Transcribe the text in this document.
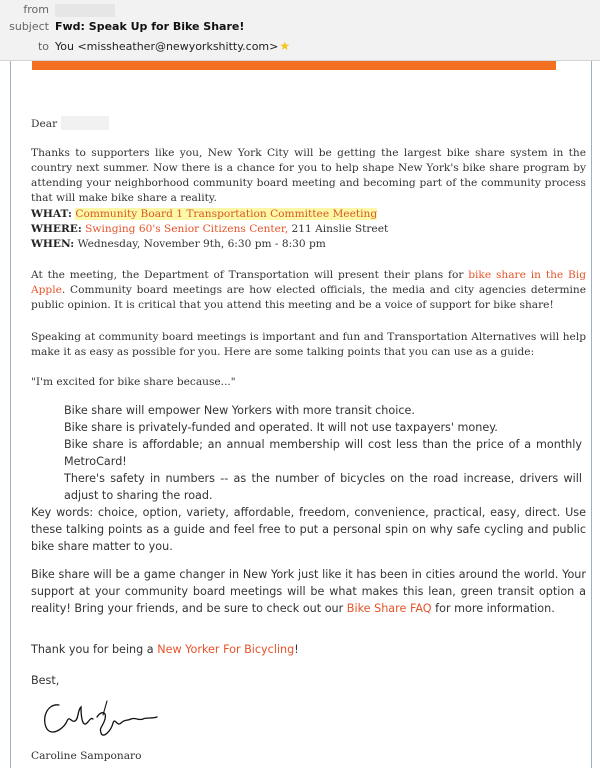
from
subject Fwd: Speak Up for Bike Share!
to You <missheather@newyorkshitty.com>★
Dear

Thanks to supporters like you, New York City will be getting the largest bike share system in the country next summer. Now there is a chance for you to help shape New York's bike share program by attending your neighborhood community board meeting and becoming part of the community process that will make bike share a reality.

WHAT: Community Board 1 Transportation Committee Meeting
WHERE: Swinging 60's Senior Citizens Center, 211 Ainslie Street
WHEN: Wednesday, November 9th, 6:30 pm - 8:30 pm

At the meeting, the Department of Transportation will present their plans for bike share in the Big Apple. Community board meetings are how elected officials, the media and city agencies determine public opinion. It is critical that you attend this meeting and be a voice of support for bike share!

Speaking at community board meetings is important and fun and Transportation Alternatives will help make it as easy as possible for you. Here are some talking points that you can use as a guide:

"I'm excited for bike share because..."

Bike share will empower New Yorkers with more transit choice.
Bike share is privately-funded and operated. It will not use taxpayers' money.
Bike share is affordable; an annual membership will cost less than the price of a monthly MetroCard!
There's safety in numbers -- as the number of bicycles on the road increase, drivers will adjust to sharing the road.

Key words: choice, option, variety, affordable, freedom, convenience, practical, easy, direct. Use these talking points as a guide and feel free to put a personal spin on why safe cycling and public bike share matter to you.

Bike share will be a game changer in New York just like it has been in cities around the world. Your support at your community board meetings will be what makes this lean, green transit option a reality! Bring your friends, and be sure to check out our Bike Share FAQ for more information.

Thank you for being a New Yorker For Bicycling!

Best,

Caroline Samponaro
